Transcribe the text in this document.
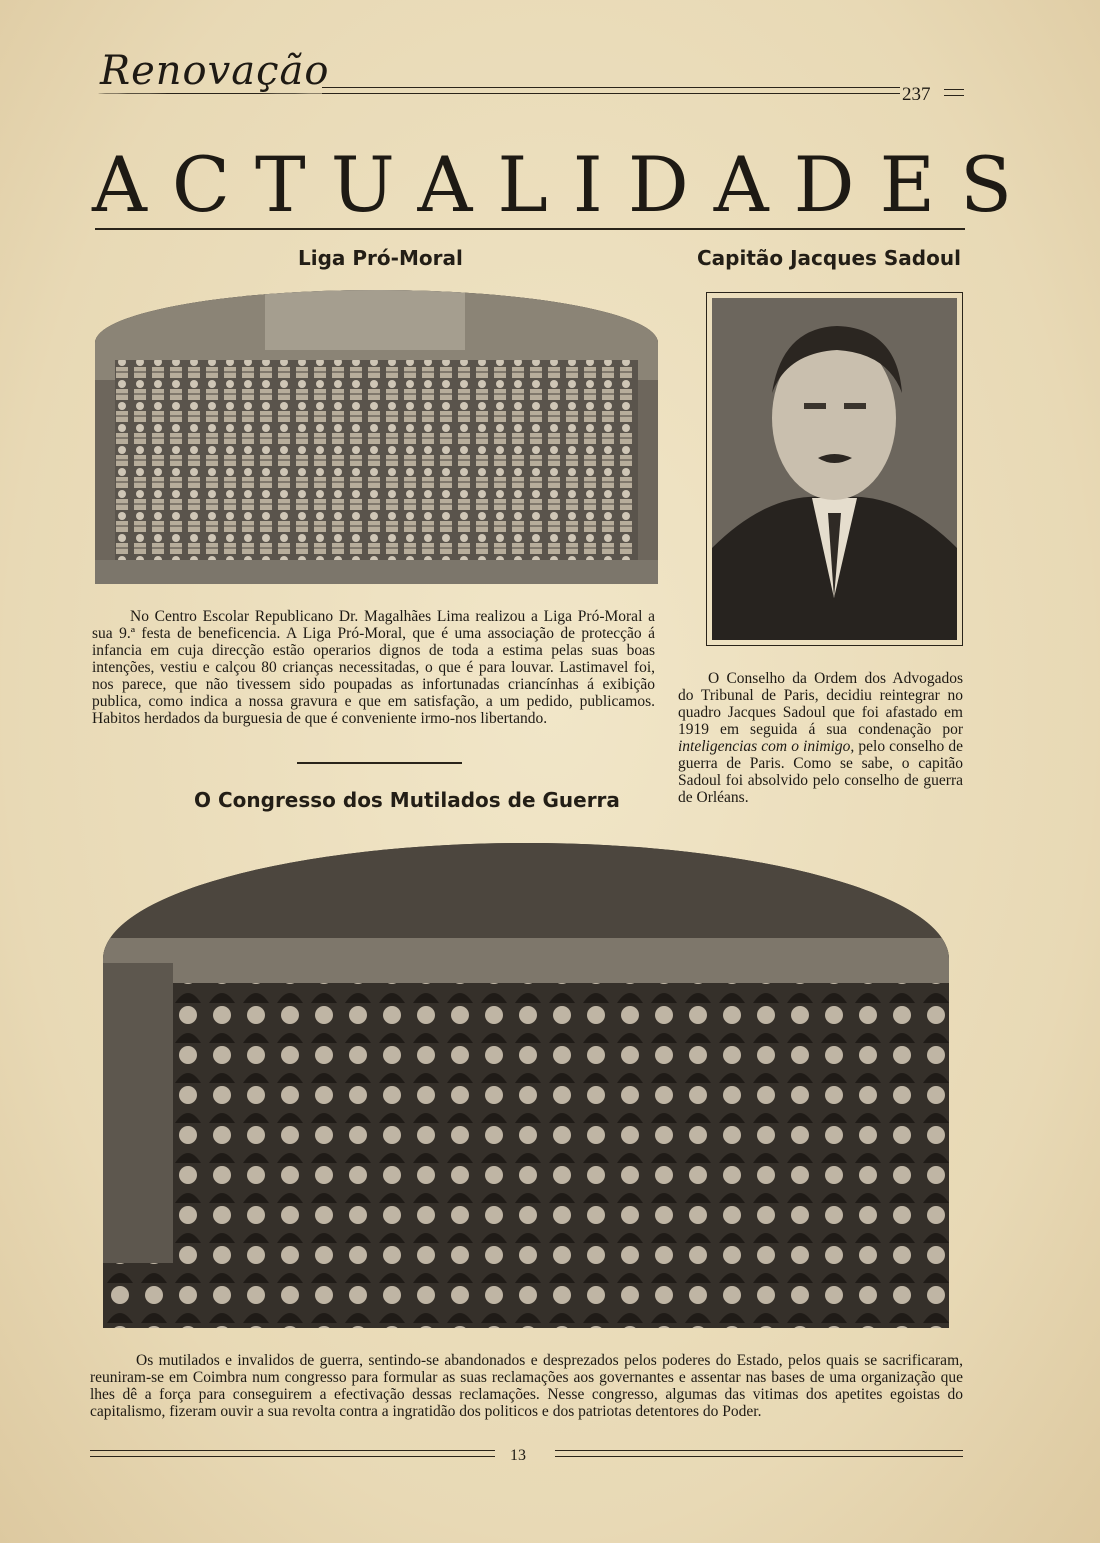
Renovação
237
ACTUALIDADES
Liga Pró-Moral
No Centro Escolar Republicano Dr. Magalhães Lima realizou a Liga Pró-Moral a sua 9.ª festa de beneficencia. A Liga Pró-Moral, que é uma associação de protecção á infancia em cuja direcção estão operarios dignos de toda a estima pelas suas boas intenções, vestiu e calçou 80 crianças necessitadas, o que é para louvar. Lastimavel foi, nos parece, que não tivessem sido poupadas as infortunadas criancínhas á exibição publica, como indica a nossa gravura e que em satisfação, a um pedido, publicamos. Habitos herdados da burguesia de que é conveniente irmo-nos libertando.
Capitão Jacques Sadoul
O Conselho da Ordem dos Advogados do Tribunal de Paris, decidiu reintegrar no quadro Jacques Sadoul que foi afastado em 1919 em seguida á sua condenação por inteligencias com o inimigo, pelo conselho de guerra de Paris. Como se sabe, o capitão Sadoul foi absolvido pelo conselho de guerra de Orléans.
O Congresso dos Mutilados de Guerra
Os mutilados e invalidos de guerra, sentindo-se abandonados e desprezados pelos poderes do Estado, pelos quais se sacrificaram, reuniram-se em Coimbra num congresso para formular as suas reclamações aos governantes e assentar nas bases de uma organização que lhes dê a força para conseguirem a efectivação dessas reclamações. Nesse congresso, algumas das vitimas dos apetites egoistas do capitalismo, fizeram ouvir a sua revolta contra a ingratidão dos politicos e dos patriotas detentores do Poder.
13
